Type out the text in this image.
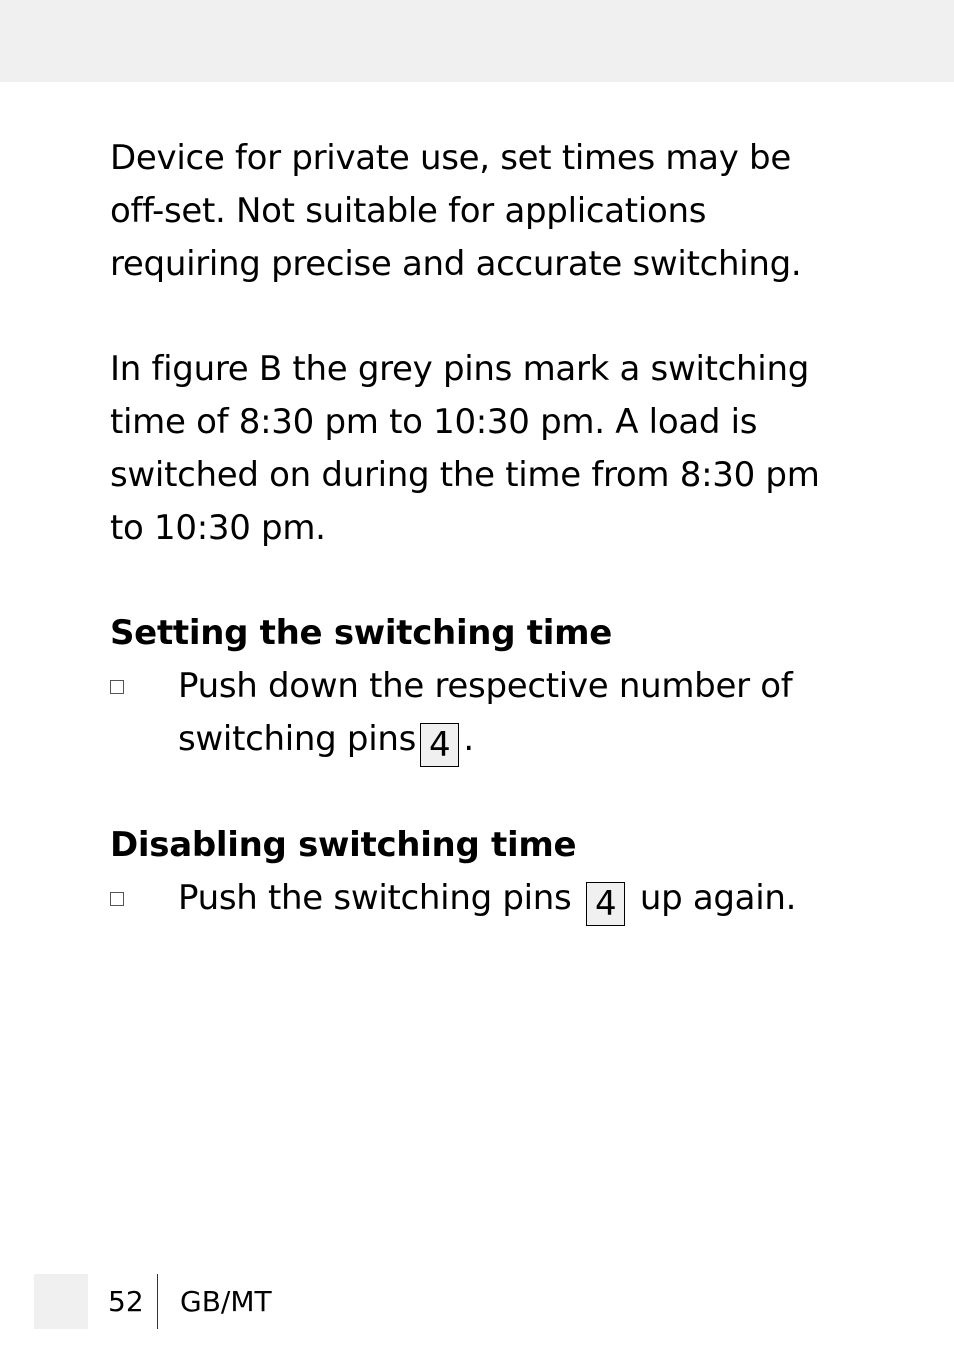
Device for private use, set times may be off-set. Not suitable for applications requiring precise and accurate switching.

In figure B the grey pins mark a switching time of 8:30 pm to 10:30 pm. A load is switched on during the time from 8:30 pm to 10:30 pm.

Setting the switching time
Push down the respective number of switching pins 4 .
Disabling switching time
Push the switching pins 4 up again.
52 GB/MT
